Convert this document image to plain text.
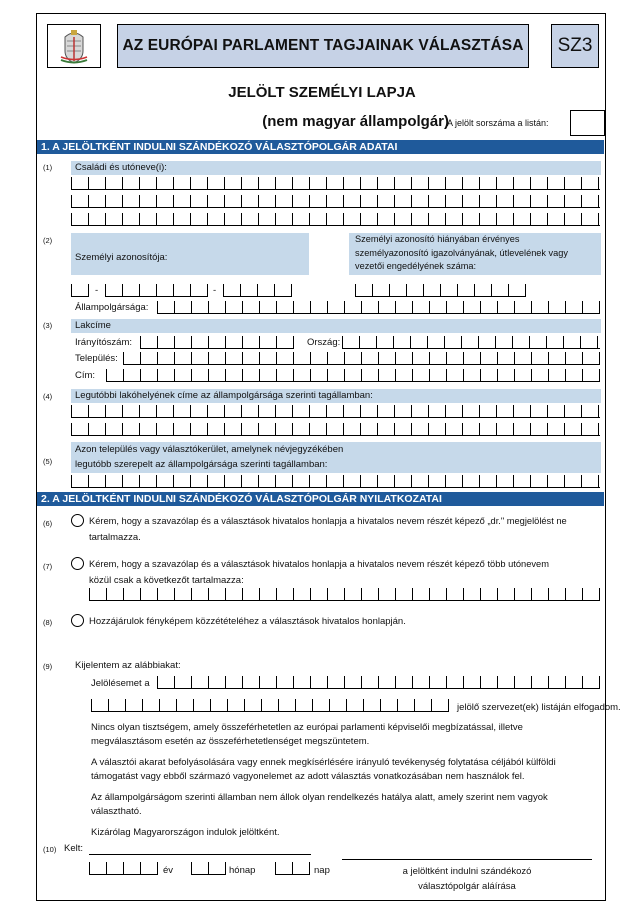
AZ EURÓPAI PARLAMENT TAGJAINAK VÁLASZTÁSA	SZ3
JELÖLT SZEMÉLYI LAPJA
(nem magyar állampolgár)
A jelölt sorszáma a listán:
1. A JELÖLTKÉNT INDULNI SZÁNDÉKOZÓ VÁLASZTÓPOLGÁR ADATAI
(1) Családi és utóneve(i):
(2)
Személyi azonosítója:
Személyi azonosító hiányában érvényes személyazonosító igazolványának, útlevelének vagy vezetői engedélyének száma:
-	-
Állampolgársága:
(3) Lakcíme
Irányítószám:	Ország:
Település:
Cím:
(4) Legutóbbi lakóhelyének címe az állampolgársága szerinti tagállamban:
(5)
Azon település vagy választókerület, amelynek névjegyzékében
legutóbb szerepelt az állampolgársága szerinti tagállamban:
2. A JELÖLTKÉNT INDULNI SZÁNDÉKOZÓ VÁLASZTÓPOLGÁR NYILATKOZATAI
(6)	Kérem, hogy a szavazólap és a választások hivatalos honlapja a hivatalos nevem részét képező „dr." megjelölést ne
tartalmazza.
(7)	Kérem, hogy a szavazólap és a választások hivatalos honlapja a hivatalos nevem részét képező több utónevem
közül csak a következőt tartalmazza:
(8)	Hozzájárulok fényképem közzétételéhez a választások hivatalos honlapján.
(9) Kijelentem az alábbiakat:
Jelölésemet a
jelölő szervezet(ek) listáján elfogadom.
Nincs olyan tisztségem, amely összeférhetetlen az európai parlamenti képviselői megbízatással, illetve megválasztásom esetén az összeférhetetlenséget megszüntetem.
A választói akarat befolyásolására vagy ennek megkísérlésére irányuló tevékenység folytatása céljából külföldi támogatást vagy ebből származó vagyonelemet az adott választás vonatkozásában nem használok fel.
Az állampolgárságom szerinti államban nem állok olyan rendelkezés hatálya alatt, amely szerint nem vagyok választható.
Kizárólag Magyarországon indulok jelöltként.
(10) Kelt:
év	hónap	nap	a jelöltként indulni szándékozó
választópolgár aláírása
